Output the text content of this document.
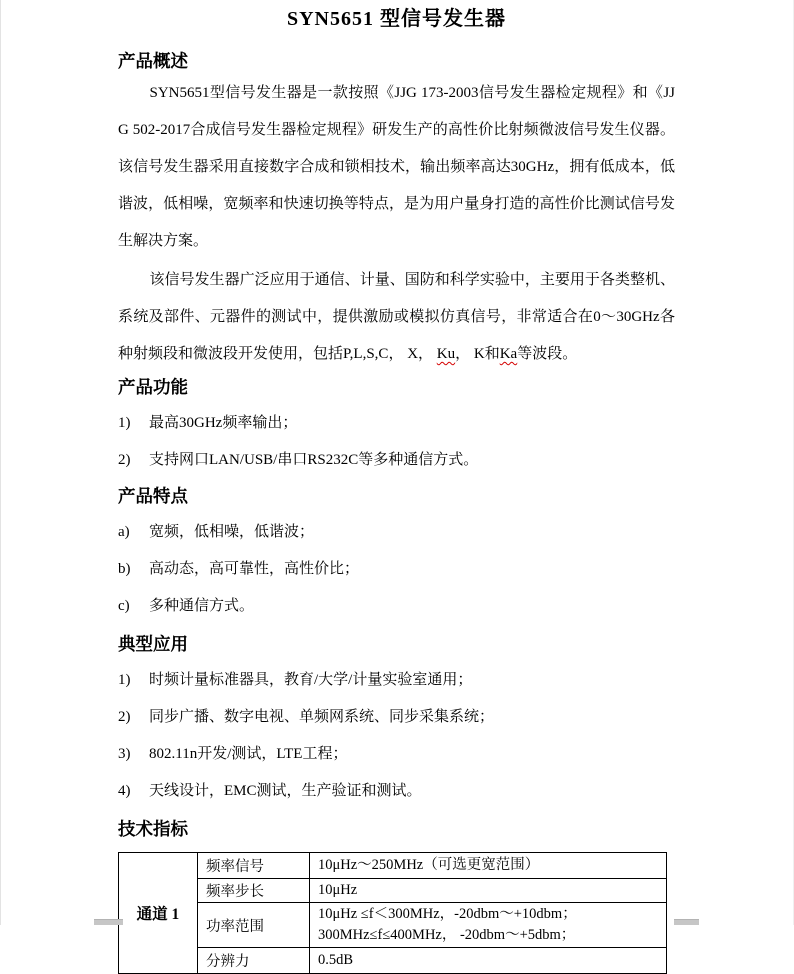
SYN5651 型信号发生器
产品概述

SYN5651型信号发生器是一款按照《JJG 173-2003信号发生器检定规程》和《JJG 502-2017合成信号发生器检定规程》研发生产的高性价比射频微波信号发生仪器。该信号发生器采用直接数字合成和锁相技术，输出频率高达30GHz，拥有低成本，低谐波，低相噪，宽频率和快速切换等特点，是为用户量身打造的高性价比测试信号发生解决方案。

该信号发生器广泛应用于通信、计量、国防和科学实验中，主要用于各类整机、系统及部件、元器件的测试中，提供激励或模拟仿真信号，非常适合在0～30GHz各种射频段和微波段开发使用，包括P,L,S,C， X， Ku， K和Ka等波段。

产品功能
1)	最高30GHz频率输出；
2)	支持网口LAN/USB/串口RS232C等多种通信方式。
产品特点
a)	宽频，低相噪，低谐波；
b)	高动态，高可靠性，高性价比；
c)	多种通信方式。
典型应用
1)	时频计量标准器具，教育/大学/计量实验室通用；
2)	同步广播、数字电视、单频网系统、同步采集系统；
3)	802.11n开发/测试，LTE工程；
4)	天线设计，EMC测试，生产验证和测试。
技术指标
通道 1	频率信号	10μHz～250MHz（可选更宽范围）

	频率步长	10μHz

	功率范围	10μHz ≤f＜300MHz，-20dbm～+10dbm；
300MHz≤f≤400MHz， -20dbm～+5dbm；

	分辨力	0.5dB
